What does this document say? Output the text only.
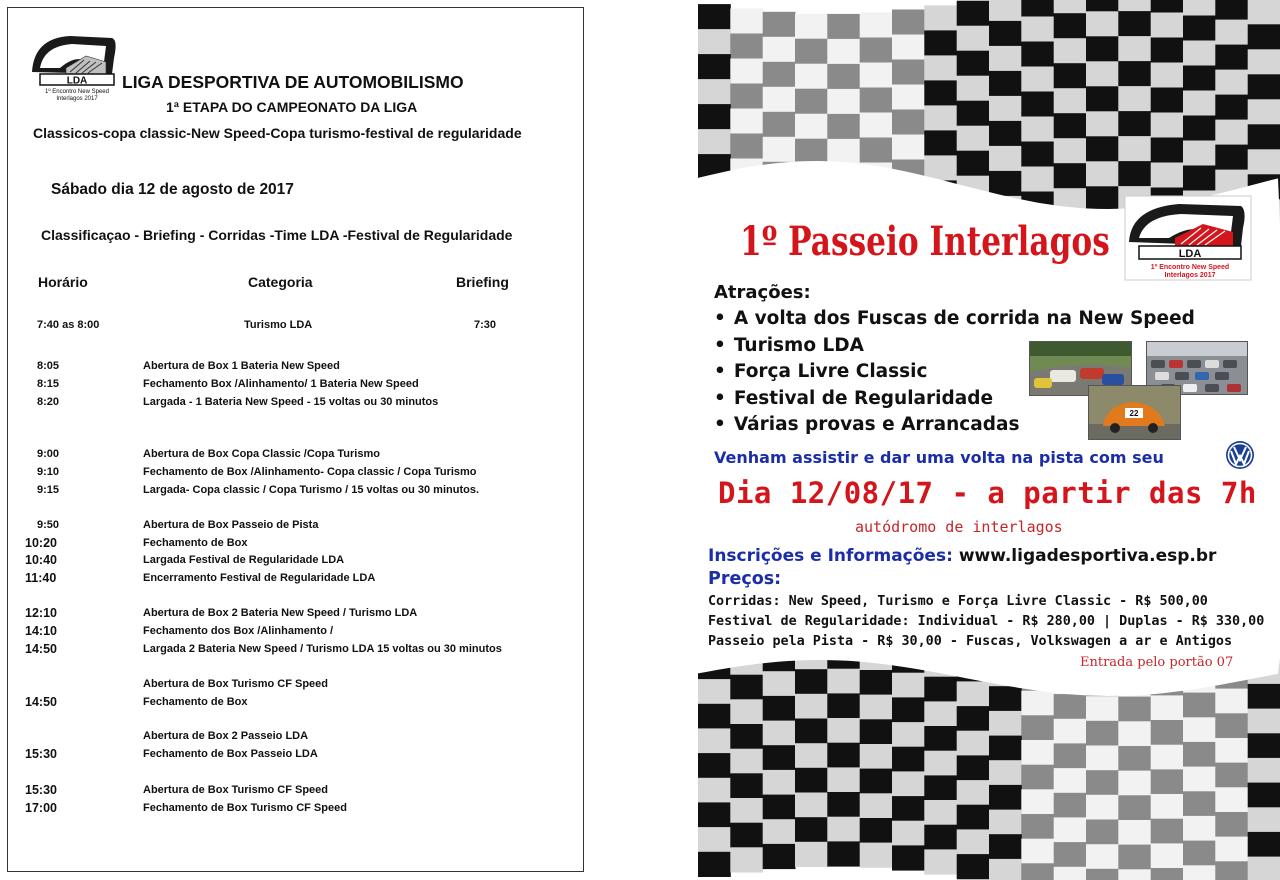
LDA
1º Encontro New Speed
Interlagos 2017
LIGA DESPORTIVA DE AUTOMOBILISMO
1ª ETAPA DO CAMPEONATO DA LIGA
Classicos-copa classic-New Speed-Copa turismo-festival de regularidade
Sábado dia 12 de agosto de 2017
Classificaçao - Briefing - Corridas -Time LDA -Festival de Regularidade
Horário	Categoria	Briefing
7:40 as 8:00	Turismo LDA	7:30
8:05	Abertura de Box 1 Bateria New Speed
8:15	Fechamento Box /Alinhamento/ 1 Bateria New Speed
8:20	Largada - 1 Bateria New Speed - 15 voltas ou 30 minutos
9:00	Abertura de Box Copa Classic /Copa Turismo
9:10	Fechamento de Box /Alinhamento- Copa classic / Copa Turismo
9:15	Largada- Copa classic / Copa Turismo / 15 voltas ou 30 minutos.
9:50	Abertura de Box Passeio de Pista
10:20	Fechamento de Box
10:40	Largada Festival de Regularidade LDA
11:40	Encerramento Festival de Regularidade LDA
12:10	Abertura de Box 2 Bateria New Speed / Turismo LDA
14:10	Fechamento dos Box /Alinhamento /
14:50	Largada 2 Bateria New Speed / Turismo LDA 15 voltas ou 30 minutos
Abertura de Box Turismo CF Speed
14:50	Fechamento de Box
Abertura de Box 2 Passeio LDA
15:30	Fechamento de Box Passeio LDA
15:30	Abertura de Box Turismo CF Speed
17:00	Fechamento de Box Turismo CF Speed
1º Passeio Interlagos	LDA
1º Encontro New Speed
Interlagos 2017
Atrações:
• A volta dos Fuscas de corrida na New Speed
• Turismo LDA
• Força Livre Classic
• Festival de Regularidade
• Várias provas e Arrancadas
22
Venham assistir e dar uma volta na pista com seu
Dia 12/08/17 - a partir das 7h
autódromo de interlagos
Inscrições e Informações: www.ligadesportiva.esp.br
Preços:
Corridas: New Speed, Turismo e Força Livre Classic - R$ 500,00
Festival de Regularidade: Individual - R$ 280,00 | Duplas - R$ 330,00
Passeio pela Pista - R$ 30,00 - Fuscas, Volkswagen a ar e Antigos
Entrada pelo portão 07
